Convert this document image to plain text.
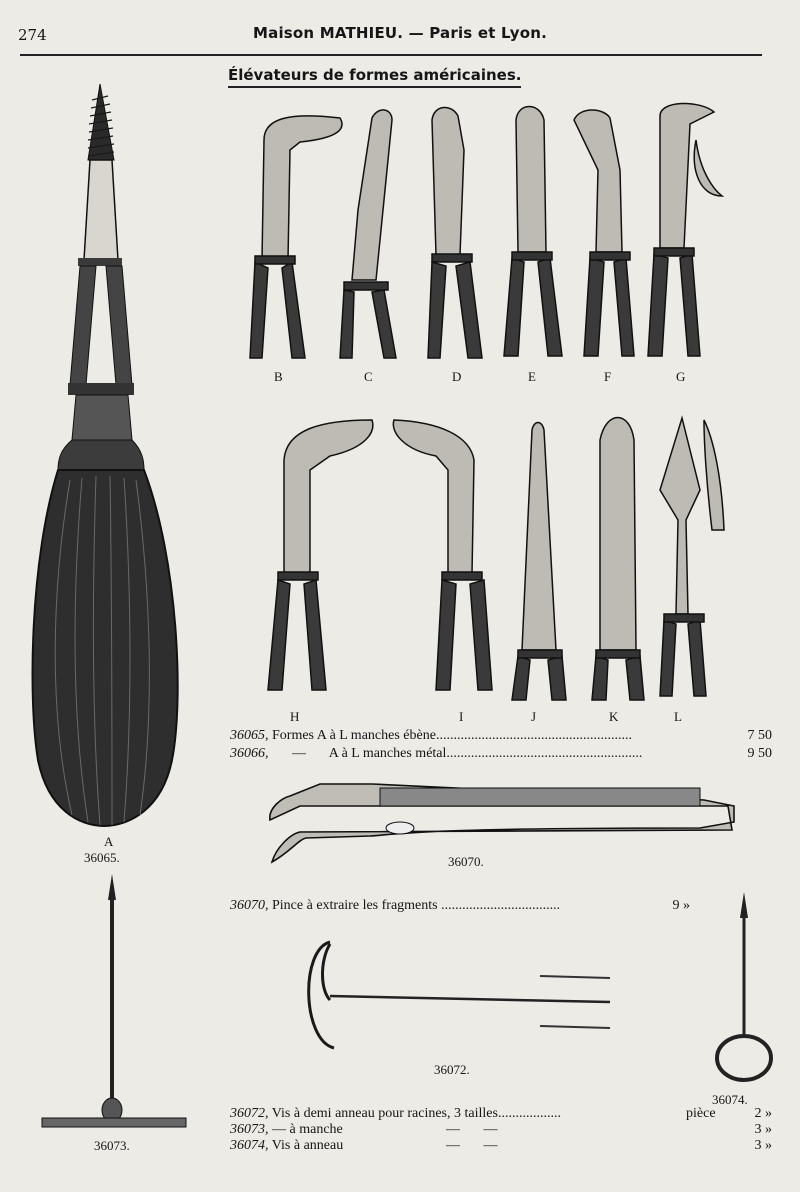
274	Maison MATHIEU. — Paris et Lyon.
Élévateurs de formes américaines.
B	C	D	E	F	G
H	I	J	K	L
A
36065.
36065, Formes A à L manches ébène .....	7 50
36066, — A à L manches métal .....	9 50
36070.
36070, Pince à extraire les fragments .....	9 »
36072.
36074.
36073.
36072, Vis à demi anneau pour racines, 3 tailles .....	pièce	2 »
36073, — à manche	— —	3 »
36074, Vis à anneau	— —	3 »
